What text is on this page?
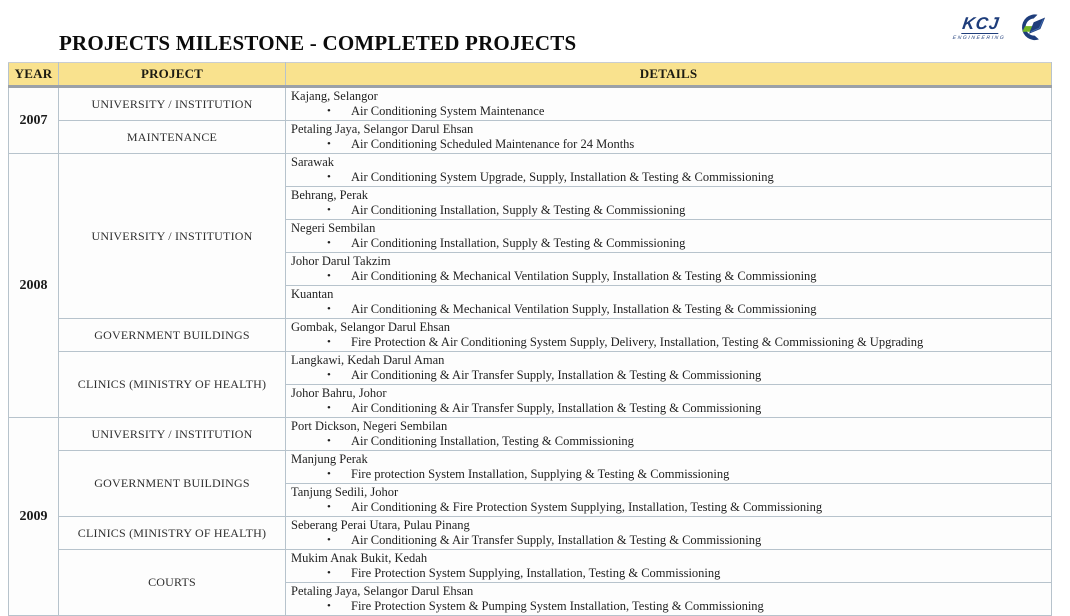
PROJECTS MILESTONE - COMPLETED PROJECTS
KCJ
ENGINEERING
YEAR	PROJECT	DETAILS
2007	UNIVERSITY / INSTITUTION	Kajang, Selangor
• Air Conditioning System Maintenance

	MAINTENANCE	Petaling Jaya, Selangor Darul Ehsan
• Air Conditioning Scheduled Maintenance for 24 Months

2008	UNIVERSITY / INSTITUTION	Sarawak
• Air Conditioning System Upgrade, Supply, Installation & Testing & Commissioning

		Behrang, Perak
• Air Conditioning Installation, Supply & Testing & Commissioning

		Negeri Sembilan
• Air Conditioning Installation, Supply & Testing & Commissioning

		Johor Darul Takzim
• Air Conditioning & Mechanical Ventilation Supply, Installation & Testing & Commissioning

		Kuantan
• Air Conditioning & Mechanical Ventilation Supply, Installation & Testing & Commissioning

	GOVERNMENT BUILDINGS	Gombak, Selangor Darul Ehsan
• Fire Protection & Air Conditioning System Supply, Delivery, Installation, Testing & Commissioning & Upgrading

	CLINICS (MINISTRY OF HEALTH)	Langkawi, Kedah Darul Aman
• Air Conditioning & Air Transfer Supply, Installation & Testing & Commissioning

		Johor Bahru, Johor
• Air Conditioning & Air Transfer Supply, Installation & Testing & Commissioning

2009	UNIVERSITY / INSTITUTION	Port Dickson, Negeri Sembilan
• Air Conditioning Installation, Testing & Commissioning

	GOVERNMENT BUILDINGS	Manjung Perak
• Fire protection System Installation, Supplying & Testing & Commissioning

		Tanjung Sedili, Johor
• Air Conditioning & Fire Protection System Supplying, Installation, Testing & Commissioning

	CLINICS (MINISTRY OF HEALTH)	Seberang Perai Utara, Pulau Pinang
• Air Conditioning & Air Transfer Supply, Installation & Testing & Commissioning

	COURTS	Mukim Anak Bukit, Kedah
• Fire Protection System Supplying, Installation, Testing & Commissioning

		Petaling Jaya, Selangor Darul Ehsan
• Fire Protection System & Pumping System Installation, Testing & Commissioning
